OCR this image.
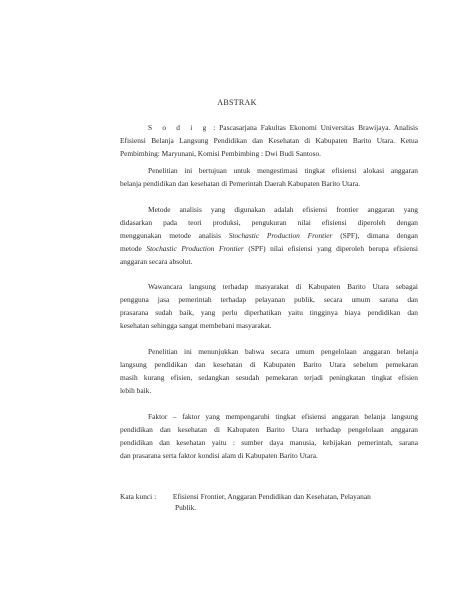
ABSTRAK
S o d i g : Pascasarjana Fakultas Ekonomi Universitas Brawijaya. Analisis
Efisiensi Belanja Langsung Pendidikan dan Kesehatan di Kabupaten Barito Utara. Ketua
Pembimbing: Maryunani, Komisi Pembimbing : Dwi Budi Santoso.
Penelitian ini bertujuan untuk mengestimasi tingkat efisiensi alokasi anggaran
belanja pendidikan dan kesehatan di Pemerintah Daerah Kabupaten Barito Utara.
Metode analisis yang digunakan adalah efisiensi frontier anggaran yang
didasarkan pada teori produksi, pengukuran nilai efisiensi diperoleh dengan
menggunakan metode analisis Stochastic Production Frontier (SPF), dimana dengan
metode Stochastic Production Frontier (SPF) nilai efisiensi yang diperoleh berupa efisiensi
anggaran secara absolut.
Wawancara langsung terhadap masyarakat di Kabupaten Barito Utara sebagai
pengguna jasa pemerintah terhadap pelayanan publik, secara umum sarana dan
prasarana sudah baik, yang perlu diperhatikan yaitu tingginya biaya pendidikan dan
kesehatan sehingga sangat membebani masyarakat.
Penelitian ini menunjukkan bahwa secara umum pengelolaan anggaran belanja
langsung pendidikan dan kesehatan di Kabupaten Barito Utara sebelum pemekaran
masih kurang efisien, sedangkan sesudah pemekaran terjadi peningkatan tingkat efisien
lebih baik.
Faktor – faktor yang mempengaruhi tingkat efisiensi anggaran belanja langsung
pendidikan dan kesehatan di Kabupaten Barito Utara terhadap pengelolaan anggaran
pendidikan dan kesehatan yaitu : sumber daya manusia, kebijakan pemerintah, sarana
dan prasarana serta faktor kondisi alam di Kabupaten Barito Utara.
Kata kunci : Efisiensi Frontier, Anggaran Pendidikan dan Kesehatan, Pelayanan
Publik.
